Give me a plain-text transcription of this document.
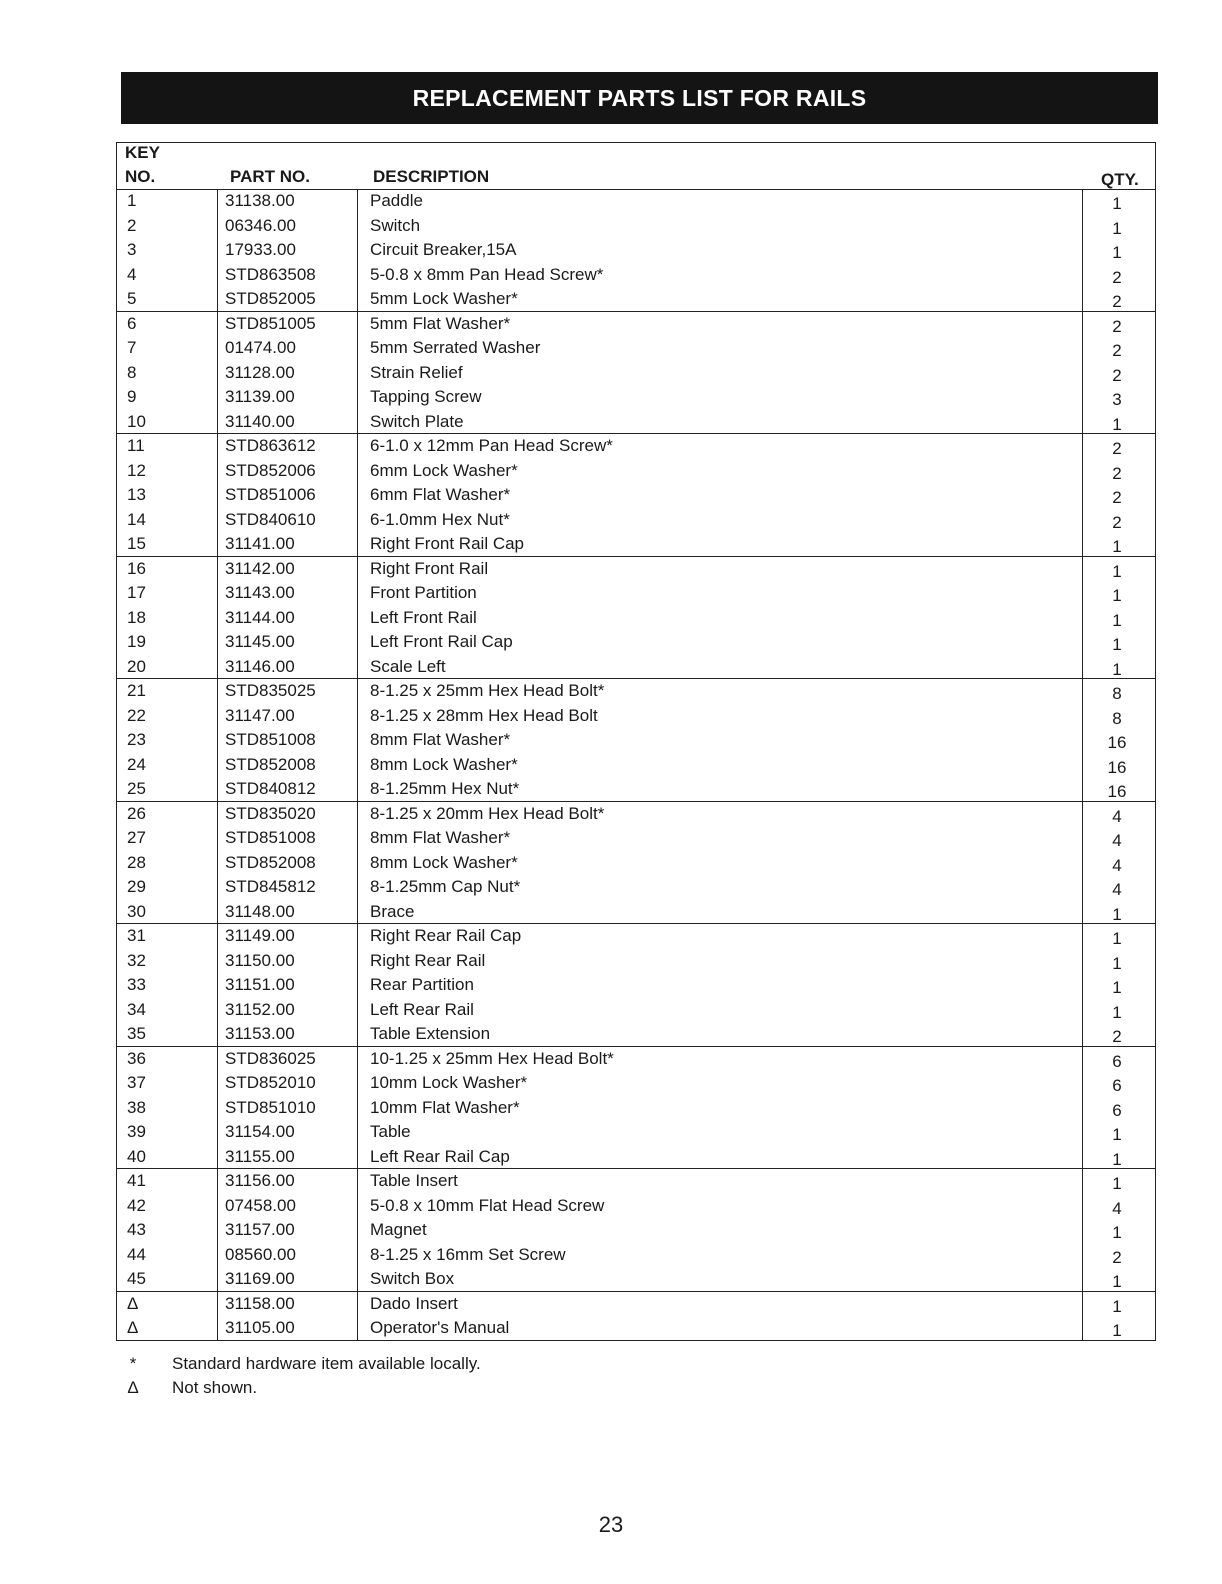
REPLACEMENT PARTS LIST FOR RAILS
KEY
NO.	PART NO.	DESCRIPTION	QTY.
1	31138.00	Paddle	1
2	06346.00	Switch	1
3	17933.00	Circuit Breaker,15A	1
4	STD863508	5-0.8 x 8mm Pan Head Screw*	2
5	STD852005	5mm Lock Washer*	2
6	STD851005	5mm Flat Washer*	2
7	01474.00	5mm Serrated Washer	2
8	31128.00	Strain Relief	2
9	31139.00	Tapping Screw	3
10	31140.00	Switch Plate	1
11	STD863612	6-1.0 x 12mm Pan Head Screw*	2
12	STD852006	6mm Lock Washer*	2
13	STD851006	6mm Flat Washer*	2
14	STD840610	6-1.0mm Hex Nut*	2
15	31141.00	Right Front Rail Cap	1
16	31142.00	Right Front Rail	1
17	31143.00	Front Partition	1
18	31144.00	Left Front Rail	1
19	31145.00	Left Front Rail Cap	1
20	31146.00	Scale Left	1
21	STD835025	8-1.25 x 25mm Hex Head Bolt*	8
22	31147.00	8-1.25 x 28mm Hex Head Bolt	8
23	STD851008	8mm Flat Washer*	16
24	STD852008	8mm Lock Washer*	16
25	STD840812	8-1.25mm Hex Nut*	16
26	STD835020	8-1.25 x 20mm Hex Head Bolt*	4
27	STD851008	8mm Flat Washer*	4
28	STD852008	8mm Lock Washer*	4
29	STD845812	8-1.25mm Cap Nut*	4
30	31148.00	Brace	1
31	31149.00	Right Rear Rail Cap	1
32	31150.00	Right Rear Rail	1
33	31151.00	Rear Partition	1
34	31152.00	Left Rear Rail	1
35	31153.00	Table Extension	2
36	STD836025	10-1.25 x 25mm Hex Head Bolt*	6
37	STD852010	10mm Lock Washer*	6
38	STD851010	10mm Flat Washer*	6
39	31154.00	Table	1
40	31155.00	Left Rear Rail Cap	1
41	31156.00	Table Insert	1
42	07458.00	5-0.8 x 10mm Flat Head Screw	4
43	31157.00	Magnet	1
44	08560.00	8-1.25 x 16mm Set Screw	2
45	31169.00	Switch Box	1
Δ	31158.00	Dado Insert	1
Δ	31105.00	Operator's Manual	1
* Standard hardware item available locally.
Δ Not shown.
23
